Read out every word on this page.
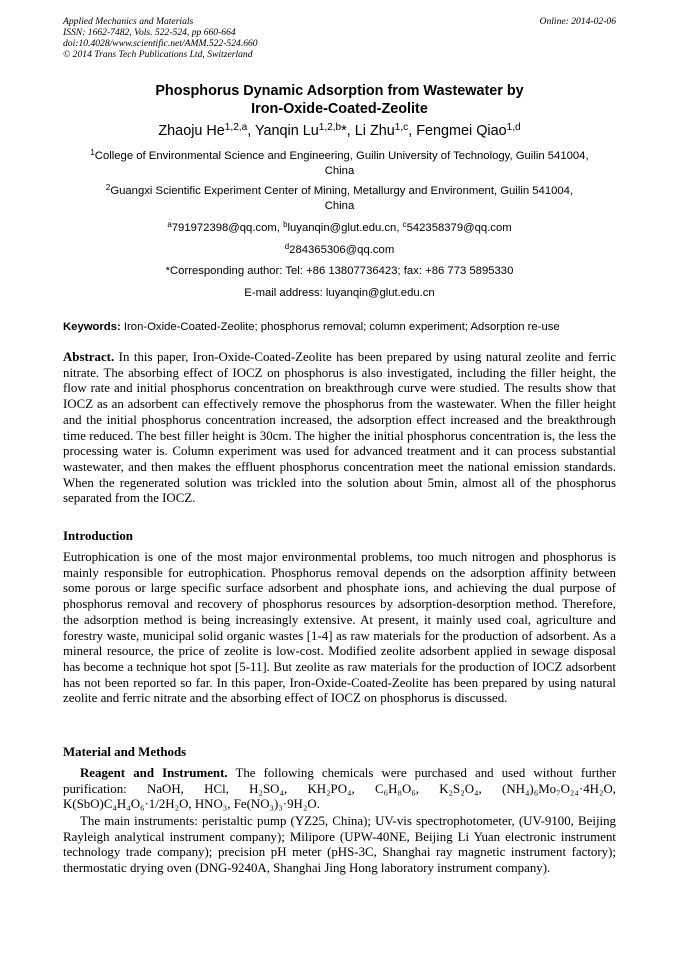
Applied Mechanics and Materials
ISSN: 1662-7482, Vols. 522-524, pp 660-664
doi:10.4028/www.scientific.net/AMM.522-524.660
© 2014 Trans Tech Publications Ltd, Switzerland
Online: 2014-02-06
Phosphorus Dynamic Adsorption from Wastewater by
Iron-Oxide-Coated-Zeolite
Zhaoju He$^{1,2,a}$, Yanqin Lu$^{1,2,b}$*, Li Zhu$^{1,c}$, Fengmei Qiao$^{1,d}$
$^1$College of Environmental Science and Engineering, Guilin University of Technology, Guilin 541004,
China
$^2$Guangxi Scientific Experiment Center of Mining, Metallurgy and Environment, Guilin 541004,
China
$^a$791972398@qq.com, $^b$luyanqin@glut.edu.cn, $^c$542358379@qq.com
$^d$284365306@qq.com
*Corresponding author: Tel: +86 13807736423; fax: +86 773 5895330
E-mail address: luyanqin@glut.edu.cn
Keywords: Iron-Oxide-Coated-Zeolite; phosphorus removal; column experiment; Adsorption re-use

Abstract. In this paper, Iron-Oxide-Coated-Zeolite has been prepared by using natural zeolite and ferric nitrate. The absorbing effect of IOCZ on phosphorus is also investigated, including the filler height, the flow rate and initial phosphorus concentration on breakthrough curve were studied. The results show that IOCZ as an adsorbent can effectively remove the phosphorus from the wastewater. When the filler height and the initial phosphorus concentration increased, the adsorption effect increased and the breakthrough time reduced. The best filler height is 30cm. The higher the initial phosphorus concentration is, the less the processing water is. Column experiment was used for advanced treatment and it can process substantial wastewater, and then makes the effluent phosphorus concentration meet the national emission standards. When the regenerated solution was trickled into the solution about 5min, almost all of the phosphorus separated from the IOCZ.

Introduction

Eutrophication is one of the most major environmental problems, too much nitrogen and phosphorus is mainly responsible for eutrophication. Phosphorus removal depends on the adsorption affinity between some porous or large specific surface adsorbent and phosphate ions, and achieving the dual purpose of phosphorus removal and recovery of phosphorus resources by adsorption-desorption method. Therefore, the adsorption method is being increasingly extensive. At present, it mainly used coal, agriculture and forestry waste, municipal solid organic wastes [1-4] as raw materials for the production of adsorbent. As a mineral resource, the price of zeolite is low-cost. Modified zeolite adsorbent applied in sewage disposal has become a technique hot spot [5-11]. But zeolite as raw materials for the production of IOCZ adsorbent has not been reported so far. In this paper, Iron-Oxide-Coated-Zeolite has been prepared by using natural zeolite and ferric nitrate and the absorbing effect of IOCZ on phosphorus is discussed.

Material and Methods

Reagent and Instrument. The following chemicals were purchased and used without further purification: NaOH, HCl, H₂SO₄, KH₂PO₄, C₆H₈O₆, K₂S₂O₄, (NH₄)₆Mo₇O₂₄·4H₂O, K(SbO)C₄H₄O₆·1/2H₂O, HNO₃, Fe(NO₃)₃·9H₂O.

The main instruments: peristaltic pump (YZ25, China); UV-vis spectrophotometer, (UV-9100, Beijing Rayleigh analytical instrument company); Milipore (UPW-40NE, Beijing Li Yuan electronic instrument technology trade company); precision pH meter (pHS-3C, Shanghai ray magnetic instrument factory); thermostatic drying oven (DNG-9240A, Shanghai Jing Hong laboratory instrument company).
